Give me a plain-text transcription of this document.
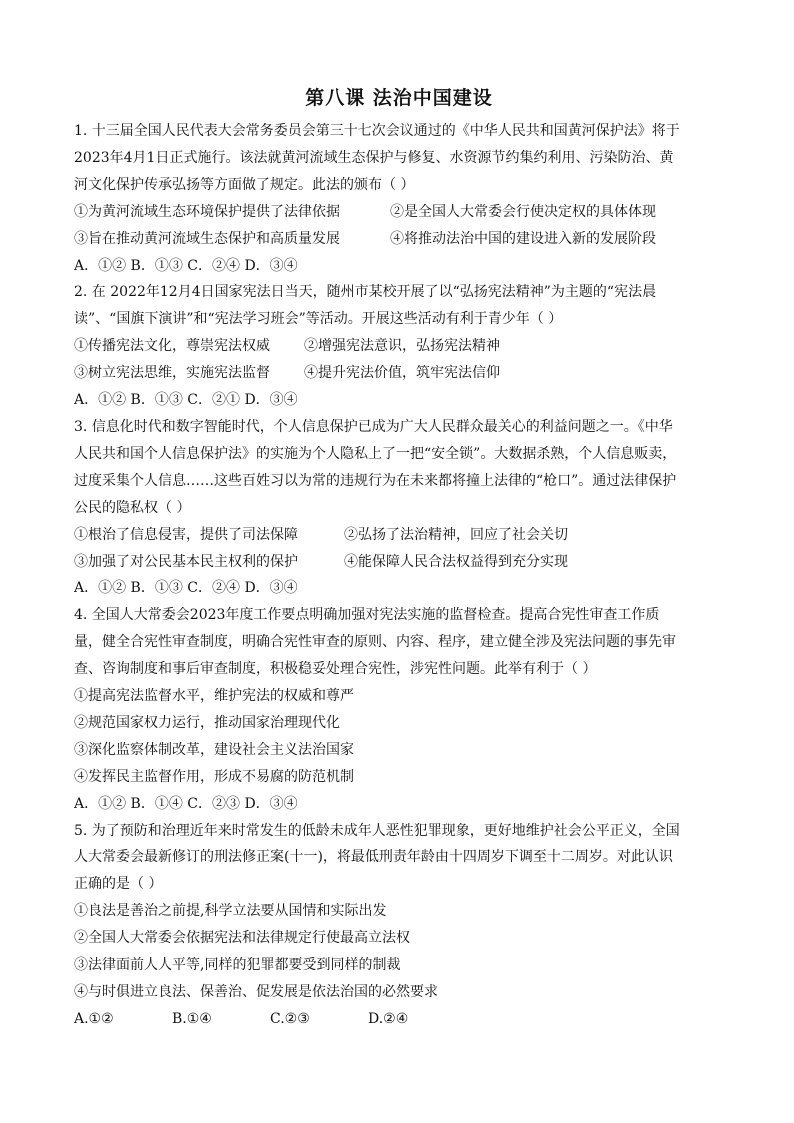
第八课 法治中国建设
1. 十三届全国人民代表大会常务委员会第三十七次会议通过的《中华人民共和国黄河保护法》将于
2023年4月1日正式施行。该法就黄河流域生态保护与修复、水资源节约集约利用、污染防治、黄
河文化保护传承弘扬等方面做了规定。此法的颁布（ ）
①为黄河流域生态环境保护提供了法律依据	②是全国人大常委会行使决定权的具体体现
③旨在推动黄河流域生态保护和高质量发展	④将推动法治中国的建设进入新的发展阶段
A．①② B．①③ C．②④ D．③④
2. 在 2022年12月4日国家宪法日当天，随州市某校开展了以“弘扬宪法精神”为主题的“宪法晨
读”、“国旗下演讲”和“宪法学习班会”等活动。开展这些活动有利于青少年（ ）
①传播宪法文化，尊崇宪法权威	②增强宪法意识，弘扬宪法精神
③树立宪法思维，实施宪法监督	④提升宪法价值，筑牢宪法信仰
A．①② B．①③ C．②① D．③④
3. 信息化时代和数字智能时代，个人信息保护已成为广大人民群众最关心的利益问题之一。《中华
人民共和国个人信息保护法》的实施为个人隐私上了一把“安全锁”。大数据杀熟，个人信息贩卖，
过度采集个人信息……这些百姓习以为常的违规行为在未来都将撞上法律的“枪口”。通过法律保护
公民的隐私权（ ）
①根治了信息侵害，提供了司法保障	②弘扬了法治精神，回应了社会关切
③加强了对公民基本民主权利的保护	④能保障人民合法权益得到充分实现
A．①② B．①③ C．②④ D．③④
4. 全国人大常委会2023年度工作要点明确加强对宪法实施的监督检查。提高合宪性审查工作质
量，健全合宪性审查制度，明确合宪性审查的原则、内容、程序，建立健全涉及宪法问题的事先审
查、咨询制度和事后审查制度，积极稳妥处理合宪性，涉宪性问题。此举有利于（ ）
①提高宪法监督水平，维护宪法的权威和尊严
②规范国家权力运行，推动国家治理现代化
③深化监察体制改革，建设社会主义法治国家
④发挥民主监督作用，形成不易腐的防范机制
A．①② B．①④ C．②③ D．③④
5. 为了预防和治理近年来时常发生的低龄未成年人恶性犯罪现象，更好地维护社会公平正义，全国
人大常委会最新修订的刑法修正案(十一)，将最低刑责年龄由十四周岁下调至十二周岁。对此认识
正确的是（ ）
①良法是善治之前提,科学立法要从国情和实际出发
②全国人大常委会依据宪法和法律规定行使最高立法权
③法律面前人人平等,同样的犯罪都要受到同样的制裁
④与时俱进立良法、保善治、促发展是依法治国的必然要求
A.①②	B.①④	C.②③	D.②④
